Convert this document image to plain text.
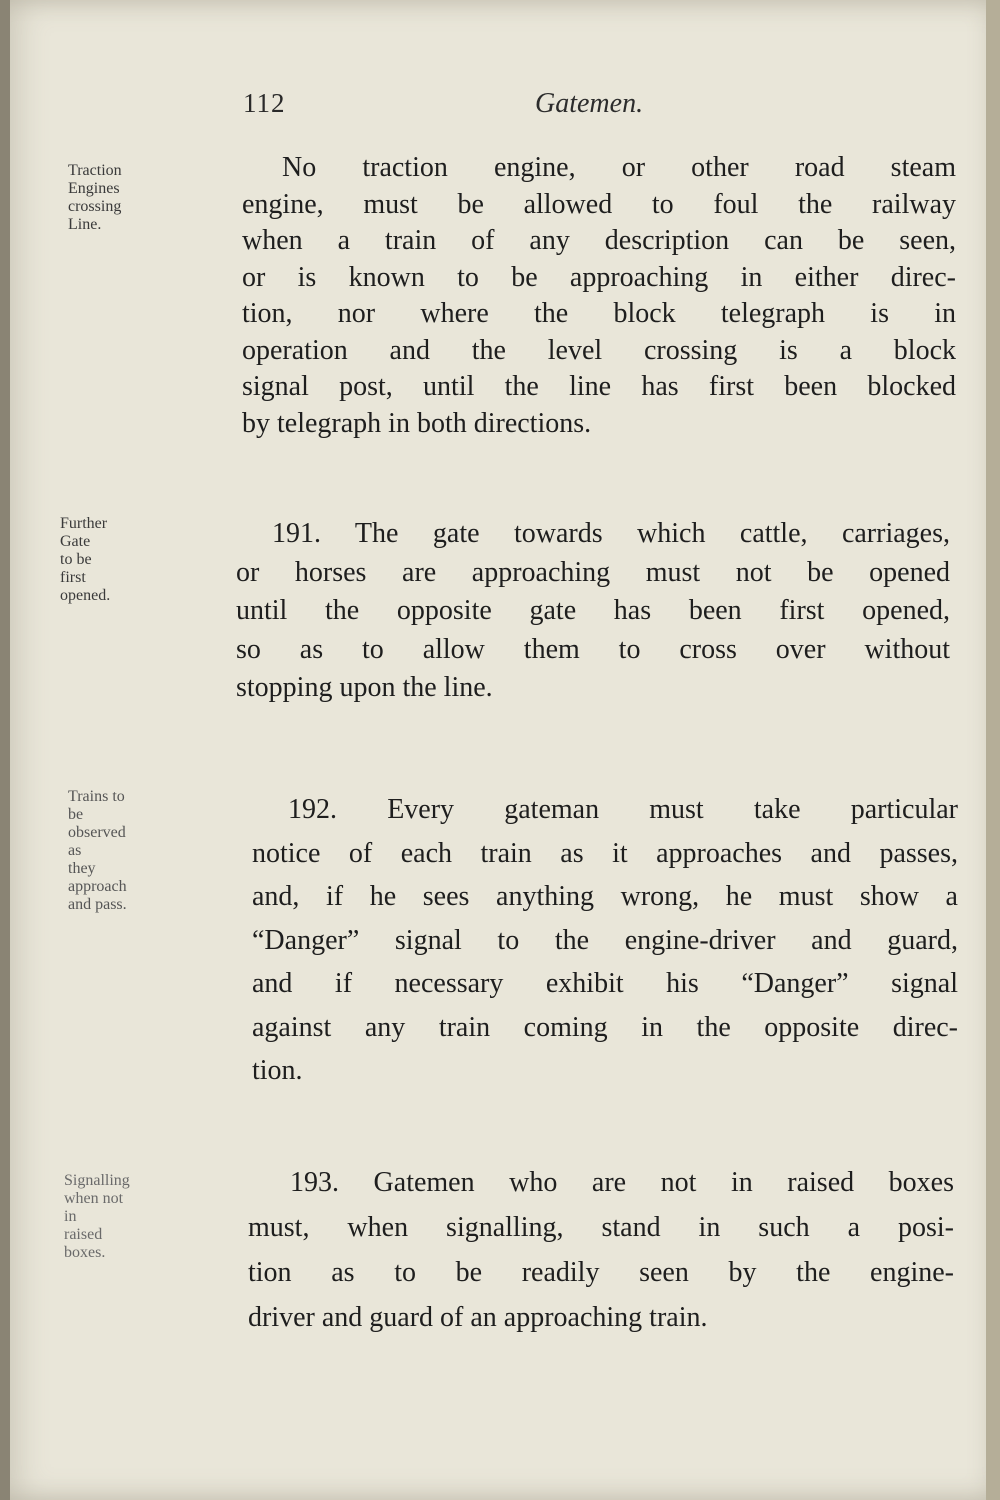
112	Gatemen.
Traction
Engines
crossing Line.
No traction engine, or other road steam
engine, must be allowed to foul the railway
when a train of any description can be seen,
or is known to be approaching in either direc-
tion, nor where the block telegraph is in
operation and the level crossing is a block
signal post, until the line has first been blocked
by telegraph in both directions.
Further Gate
to be first
opened.
191. The gate towards which cattle, carriages,
or horses are approaching must not be opened
until the opposite gate has been first opened,
so as to allow them to cross over without
stopping upon the line.
Trains to be
observed as
they approach
and pass.
192. Every gateman must take particular
notice of each train as it approaches and passes,
and, if he sees anything wrong, he must show a
“Danger” signal to the engine-driver and guard,
and if necessary exhibit his “Danger” signal
against any train coming in the opposite direc-
tion.
Signalling
when not in
raised boxes.
193. Gatemen who are not in raised boxes
must, when signalling, stand in such a posi-
tion as to be readily seen by the engine-
driver and guard of an approaching train.
